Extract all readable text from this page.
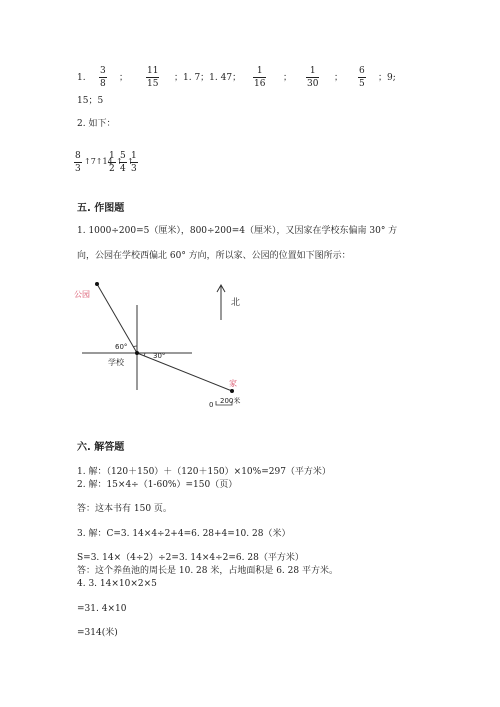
1.
3
8
；
11
15
；1. 7；1. 47；
1
16
；
1
30
；
6
5
；9;
15；5
2. 如下：
8
3
↑7↑14
1
2
↑
5
4
↑
1
3
五. 作图题
1. 1000÷200=5（厘米），800÷200=4（厘米），又因家在学校东偏南 30° 方
向，公园在学校西偏北 60° 方向，所以家、公园的位置如下图所示：
北
公园
学校
60°
30°
家
0 200米
六. 解答题
1. 解：（120＋150）＋（120＋150）×10%=297（平方米）
2. 解：15×4÷（1-60%）=150（页）
答：这本书有 150 页。
3. 解：C=3. 14×4÷2+4=6. 28+4=10. 28（米）
S=3. 14×（4÷2）÷2=3. 14×4÷2=6. 28（平方米）
答：这个养鱼池的周长是 10. 28 米，占地面积是 6. 28 平方米。
4. 3. 14×10×2×5
=31. 4×10
=314(米)
